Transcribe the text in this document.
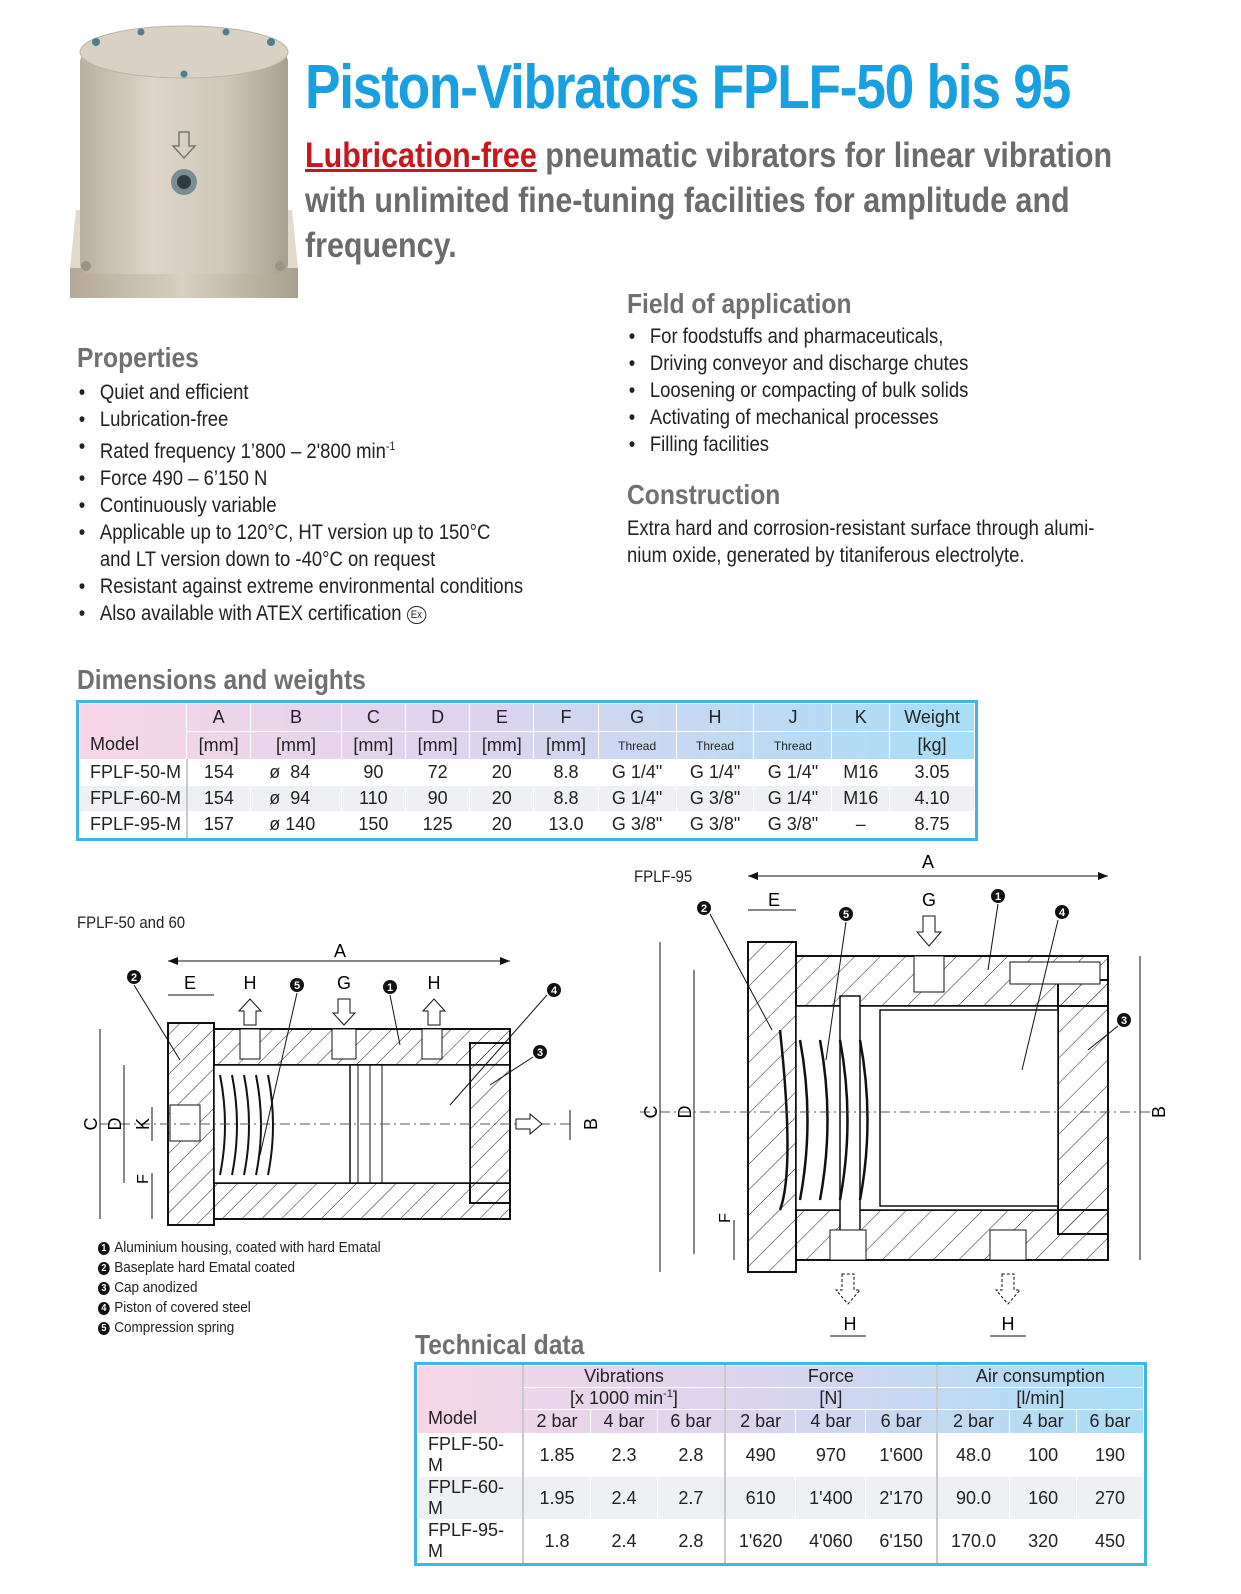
Piston-Vibrators FPLF-50 bis 95
Lubrication-free pneumatic vibrators for linear vibration with unlimited fine-tuning facilities for amplitude and frequency.
Properties
• Quiet and efficient
• Lubrication-free
• Rated frequency 1’800 – 2'800 $\min^{-1}$
• Force 490 – 6’150 N
• Continuously variable
• Applicable up to 120°C, HT version up to 150°C and LT version down to -40°C on request
• Resistant against extreme environmental conditions
• Also available with ATEX certification Ex
Field of application
• For foodstuffs and pharmaceuticals,
• Driving conveyor and discharge chutes
• Loosening or compacting of bulk solids
• Activating of mechanical processes
• Filling facilities
Construction
Extra hard and corrosion-resistant surface through alumi-nium oxide, generated by titaniferous electrolyte.
Dimensions and weights
Model	A	B	C	D	E	F	G	H	J	K	Weight
	[mm]	[mm]	[mm]	[mm]	[mm]	[mm]	Thread	Thread	Thread		[kg]
FPLF-50-M	154	ø  84	90	72	20	8.8	G 1/4"	G 1/4"	G 1/4"	M16	3.05
FPLF-60-M	154	ø  94	110	90	20	8.8	G 1/4"	G 3/8"	G 1/4"	M16	4.10
FPLF-95-M	157	ø 140	150	125	20	13.0	G 3/8"	G 3/8"	G 3/8"	–	8.75
FPLF-50 and 60
FPLF-95
A
E	H	G	H
C D K
F
B
2
5	1	4
3
1 Aluminium housing, coated with hard Ematal
2 Baseplate hard Ematal coated
3 Cap anodized
4 Piston of covered steel
5 Compression spring
A
E	G
H	H
C D
F
B
2	5
1
4
3
Technical data
Model	Vibrations			Force			Air consumption		
	[x 1000 $\min^{-1}$]			[N]			[l/min]		
	2 bar	4 bar	6 bar	2 bar	4 bar	6 bar	2 bar	4 bar	6 bar
FPLF-50-M	1.85	2.3	2.8	490	970	1'600	48.0	100	190
FPLF-60-M	1.95	2.4	2.7	610	1'400	2'170	90.0	160	270
FPLF-95-M	1.8	2.4	2.8	1'620	4'060	6'150	170.0	320	450
